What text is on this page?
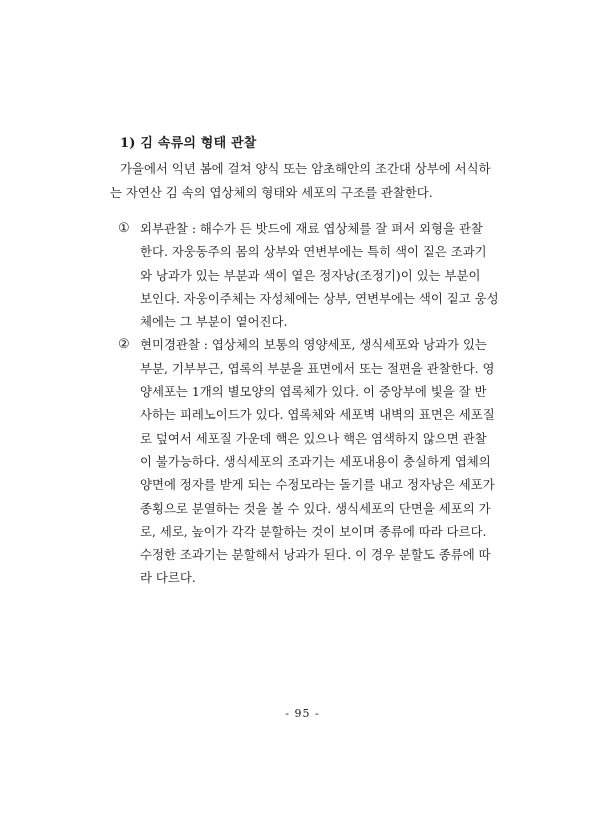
1) 김 속류의 형태 관찰
가을에서 익년 봄에 걸쳐 양식 또는 암초해안의 조간대 상부에 서식하
는 자연산 김 속의 엽상체의 형태와 세포의 구조를 관찰한다.
① 외부관찰 : 해수가 든 밧드에 재료 엽상체를 잘 펴서 외형을 관찰
한다. 자웅동주의 몸의 상부와 연변부에는 특히 색이 짙은 조과기
와 낭과가 있는 부분과 색이 옅은 정자낭(조정기)이 있는 부분이
보인다. 자웅이주체는 자성체에는 상부, 연변부에는 색이 짙고 웅성
체에는 그 부분이 옅어진다.
② 현미경관찰 : 엽상체의 보통의 영양세포, 생식세포와 낭과가 있는
부분, 기부부근, 엽록의 부분을 표면에서 또는 절편을 관찰한다. 영
양세포는 1개의 별모양의 엽록체가 있다. 이 중앙부에 빛을 잘 반
사하는 피레노이드가 있다. 엽록체와 세포벽 내벽의 표면은 세포질
로 덮여서 세포질 가운데 핵은 있으나 핵은 염색하지 않으면 관찰
이 불가능하다. 생식세포의 조과기는 세포내용이 충실하게 엽체의
양면에 정자를 받게 되는 수정모라는 돌기를 내고 정자낭은 세포가
종횡으로 분열하는 것을 볼 수 있다. 생식세포의 단면을 세포의 가
로, 세로, 높이가 각각 분할하는 것이 보이며 종류에 따라 다르다.
수정한 조과기는 분할해서 낭과가 된다. 이 경우 분할도 종류에 따
라 다르다.
- 95 -
